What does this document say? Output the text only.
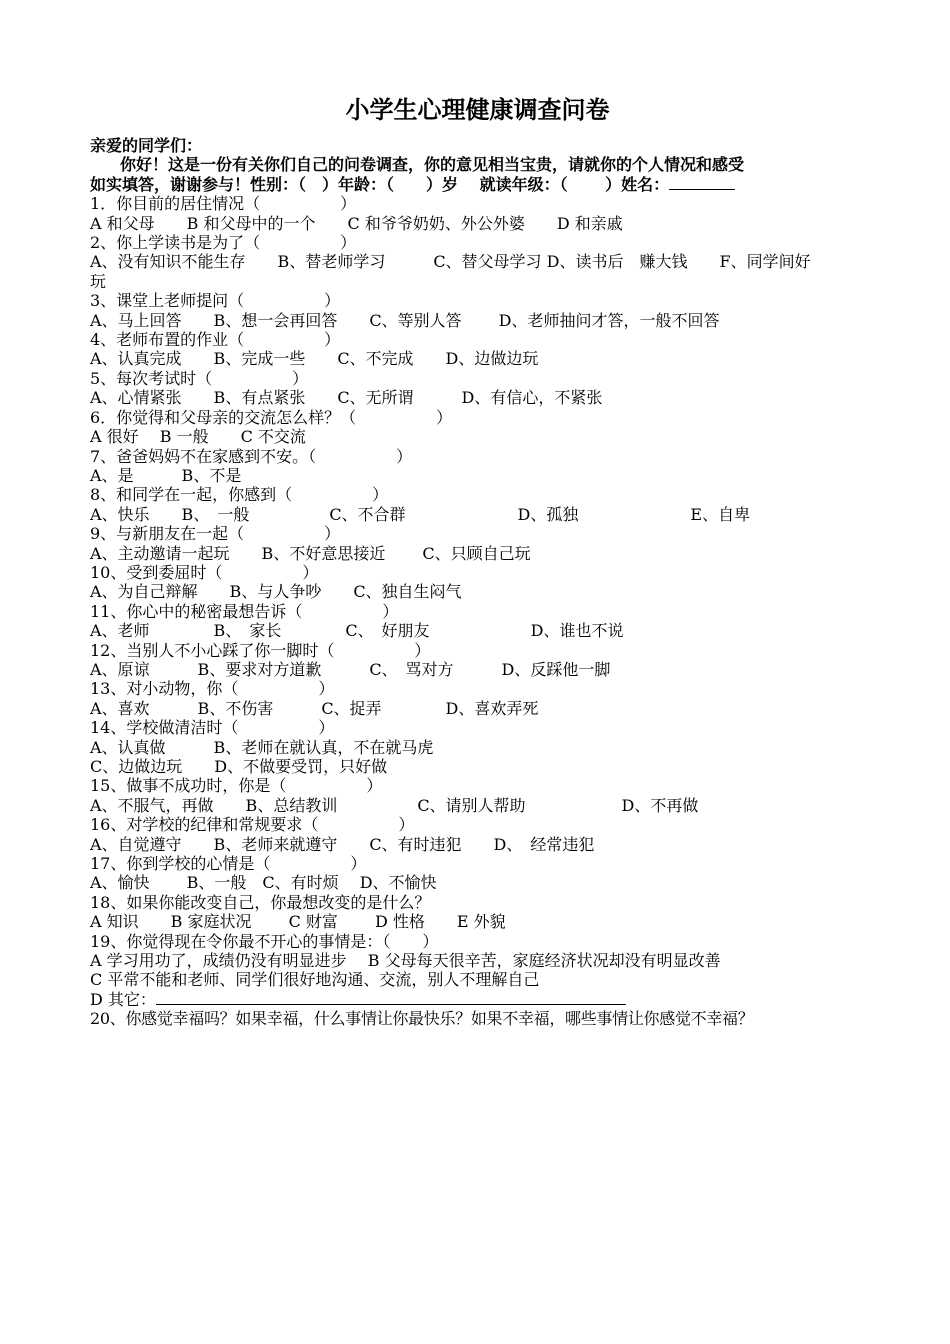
小学生心理健康调查问卷
亲爱的同学们：
你好！这是一份有关你们自己的问卷调查，你的意见相当宝贵，请就你的个人情况和感受
如实填答，谢谢参与！性别：（　）年龄：（　　）岁　 就读年级：（　　 ）姓名：
1．你目前的居住情况（　　　　　）
A 和父母　　B 和父母中的一个　　C 和爷爷奶奶、外公外婆　　D 和亲戚
2、你上学读书是为了（　　　　　）
A、没有知识不能生存　　B、替老师学习　　　C、替父母学习 D、读书后　赚大钱　　F、同学间好
玩
3、课堂上老师提问（　　　　　）
A、马上回答　　B、想一会再回答　　C、等别人答　　 D、老师抽问才答，一般不回答
4、老师布置的作业（　　　　　）
A、认真完成　　B、完成一些　　C、不完成　　D、边做边玩
5、每次考试时（　　　　　）
A、心情紧张　　B、有点紧张　　C、无所谓　　　D、有信心，不紧张
6．你觉得和父母亲的交流怎么样？（　　　　　）
A 很好　 B 一般　　C 不交流
7、爸爸妈妈不在家感到不安。（　　　　　）
A、是　　　B、不是
8、和同学在一起，你感到（　　　　　）
A、快乐　　B、　一般　　　　　C、不合群　　　　　　　D、孤独　　　　　　　E、自卑
9、与新朋友在一起（　　　　　）
A、主动邀请一起玩　　B、不好意思接近　　 C、只顾自己玩
10、受到委屈时（　　　　　）
A、为自己辩解　　B、与人争吵　　C、独自生闷气
11、你心中的秘密最想告诉（　　　　　）
A、老师　　　　B、　家长　　　　C、　好朋友　　　　　　 D、谁也不说
12、当别人不小心踩了你一脚时（　　　　　）
A、原谅　　　B、要求对方道歉　　　C、　骂对方　　　D、反踩他一脚
13、对小动物，你（　　　　　）
A、喜欢　　　B、不伤害　　　C、捉弄　　　　D、喜欢弄死
14、学校做清洁时（　　　　　）
A、认真做　　　B、老师在就认真，不在就马虎
C、边做边玩　　D、不做要受罚，只好做
15、做事不成功时，你是（　　　　　）
A、不服气，再做　　B、总结教训　　　　　C、请别人帮助　　　　　　D、不再做
16、对学校的纪律和常规要求（　　　　　）
A、自觉遵守　　B、老师来就遵守　　C、有时违犯　　D、　经常违犯
17、你到学校的心情是（　　　　　）
A、愉快　　 B、一般　C、有时烦　 D、不愉快
18、如果你能改变自己，你最想改变的是什么？
A 知识　　B 家庭状况　　 C 财富　　 D 性格　　E 外貌
19、你觉得现在令你最不开心的事情是：（　　）
A 学习用功了，成绩仍没有明显进步　 B 父母每天很辛苦，家庭经济状况却没有明显改善
C 平常不能和老师、同学们很好地沟通、交流，别人不理解自己
D 其它：
20、你感觉幸福吗？如果幸福，什么事情让你最快乐？如果不幸福，哪些事情让你感觉不幸福？
